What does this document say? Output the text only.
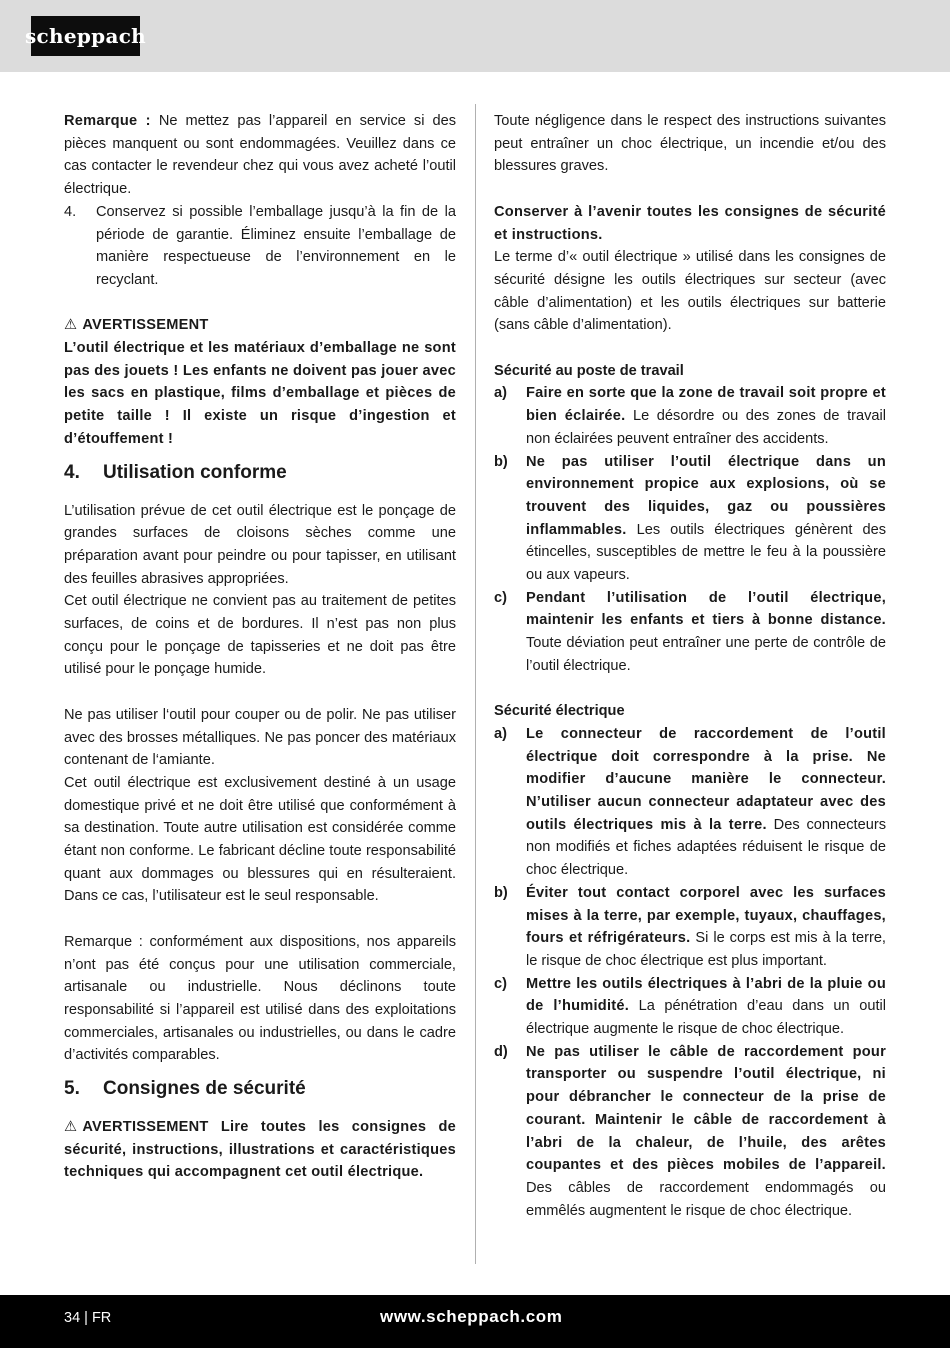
scheppach

Remarque : Ne mettez pas l’appareil en service si des pièces manquent ou sont endommagées. Veuillez dans ce cas contacter le revendeur chez qui vous avez acheté l’outil électrique.

4.	Conservez si possible l’emballage jusqu’à la fin de la période de garantie. Éliminez ensuite l’emballage de manière respectueuse de l’environnement en le recyclant.

⚠ AVERTISSEMENT

L’outil électrique et les matériaux d’emballage ne sont pas des jouets ! Les enfants ne doivent pas jouer avec les sacs en plastique, films d’emballage et pièces de petite taille ! Il existe un risque d’ingestion et d’étouffement !

4.	Utilisation conforme

L’utilisation prévue de cet outil électrique est le ponçage de grandes surfaces de cloisons sèches comme une préparation avant pour peindre ou pour tapisser, en utilisant des feuilles abrasives appropriées.

Cet outil électrique ne convient pas au traitement de petites surfaces, de coins et de bordures. Il n’est pas non plus conçu pour le ponçage de tapisseries et ne doit pas être utilisé pour le ponçage humide.

Ne pas utiliser l‘outil pour couper ou de polir. Ne pas utiliser avec des brosses métalliques. Ne pas poncer des matériaux contenant de l‘amiante.

Cet outil électrique est exclusivement destiné à un usage domestique privé et ne doit être utilisé que conformément à sa destination. Toute autre utilisation est considérée comme étant non conforme. Le fabricant décline toute responsabilité quant aux dommages ou blessures qui en résulteraient. Dans ce cas, l’utilisateur est le seul responsable.

Remarque : conformément aux dispositions, nos appareils n’ont pas été conçus pour une utilisation commerciale, artisanale ou industrielle. Nous déclinons toute responsabilité si l’appareil est utilisé dans des exploitations commerciales, artisanales ou industrielles, ou dans le cadre d’activités comparables.

5.	Consignes de sécurité

⚠ AVERTISSEMENT Lire toutes les consignes de sécurité, instructions, illustrations et caractéristiques techniques qui accompagnent cet outil électrique.

Toute négligence dans le respect des instructions suivantes peut entraîner un choc électrique, un incendie et/ou des blessures graves.

Conserver à l’avenir toutes les consignes de sécurité et instructions.

Le terme d’« outil électrique » utilisé dans les consignes de sécurité désigne les outils électriques sur secteur (avec câble d’alimentation) et les outils électriques sur batterie (sans câble d’alimentation).

Sécurité au poste de travail

a)	Faire en sorte que la zone de travail soit propre et bien éclairée. Le désordre ou des zones de travail non éclairées peuvent entraîner des accidents.
b)	Ne pas utiliser l’outil électrique dans un environnement propice aux explosions, où se trouvent des liquides, gaz ou poussières inflammables. Les outils électriques génèrent des étincelles, susceptibles de mettre le feu à la poussière ou aux vapeurs.
c)	Pendant l’utilisation de l’outil électrique, maintenir les enfants et tiers à bonne distance. Toute déviation peut entraîner une perte de contrôle de l’outil électrique.

Sécurité électrique

a)	Le connecteur de raccordement de l’outil électrique doit correspondre à la prise. Ne modifier d’aucune manière le connecteur. N’utiliser aucun connecteur adaptateur avec des outils électriques mis à la terre. Des connecteurs non modifiés et fiches adaptées réduisent le risque de choc électrique.
b)	Éviter tout contact corporel avec les surfaces mises à la terre, par exemple, tuyaux, chauffages, fours et réfrigérateurs. Si le corps est mis à la terre, le risque de choc électrique est plus important.
c)	Mettre les outils électriques à l’abri de la pluie ou de l’humidité. La pénétration d’eau dans un outil électrique augmente le risque de choc électrique.
d)	Ne pas utiliser le câble de raccordement pour transporter ou suspendre l’outil électrique, ni pour débrancher le connecteur de la prise de courant. Maintenir le câble de raccordement à l’abri de la chaleur, de l’huile, des arêtes coupantes et des pièces mobiles de l’appareil. Des câbles de raccordement endommagés ou emmêlés augmentent le risque de choc électrique.
34 | FR	www.scheppach.com
